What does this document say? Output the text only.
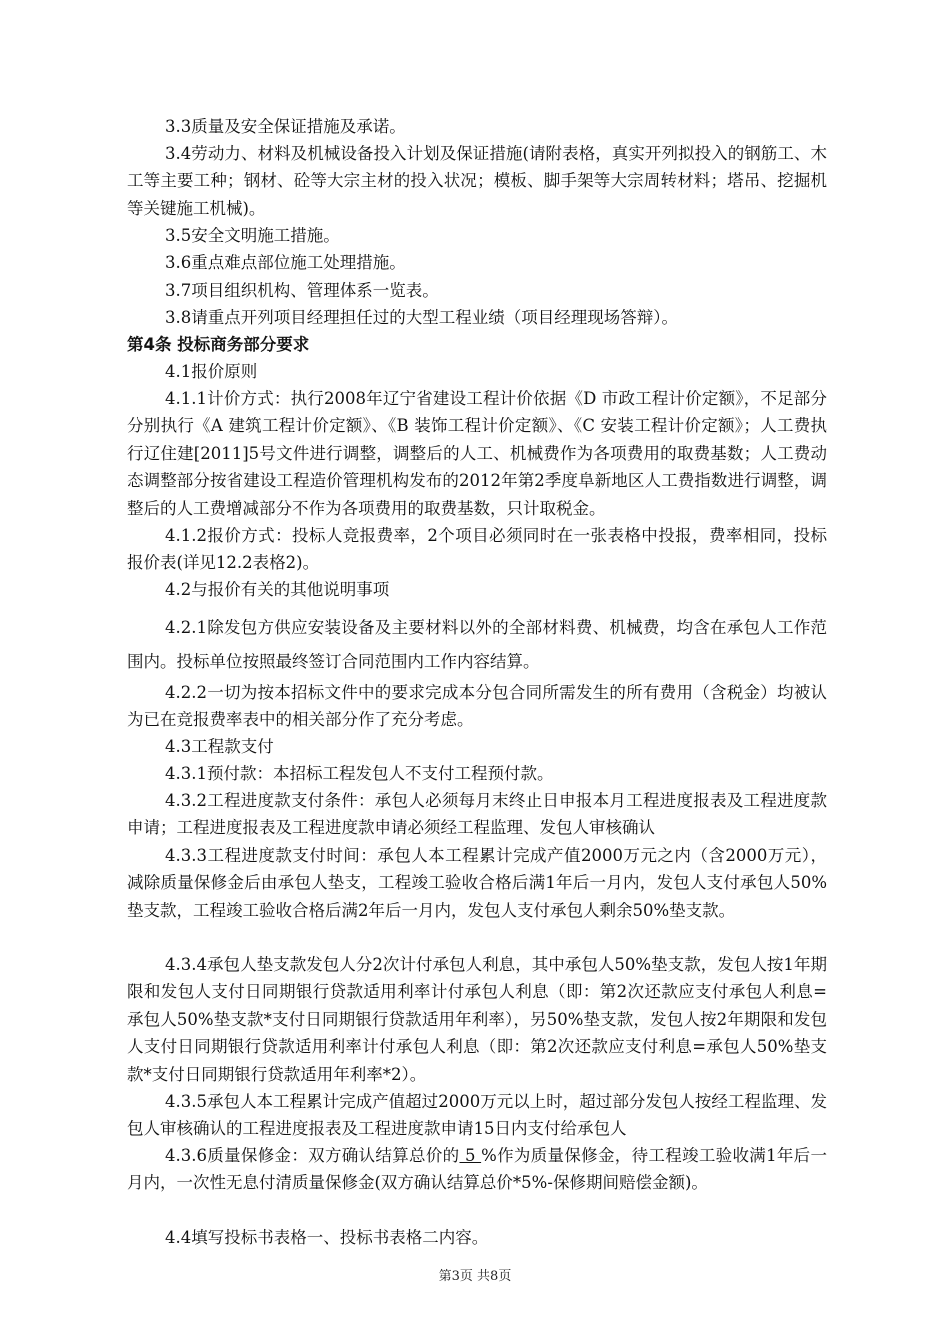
3.3质量及安全保证措施及承诺。
3.4劳动力、材料及机械设备投入计划及保证措施(请附表格，真实开列拟投入的钢筋工、木工等主要工种；钢材、砼等大宗主材的投入状况；模板、脚手架等大宗周转材料；塔吊、挖掘机等关键施工机械)。
3.5安全文明施工措施。
3.6重点难点部位施工处理措施。
3.7项目组织机构、管理体系一览表。
3.8请重点开列项目经理担任过的大型工程业绩（项目经理现场答辩）。
第4条 投标商务部分要求
4.1报价原则
4.1.1计价方式：执行2008年辽宁省建设工程计价依据《D 市政工程计价定额》，不足部分分别执行《A 建筑工程计价定额》、《B 装饰工程计价定额》、《C 安装工程计价定额》；人工费执行辽住建[2011]5号文件进行调整，调整后的人工、机械费作为各项费用的取费基数；人工费动态调整部分按省建设工程造价管理机构发布的2012年第2季度阜新地区人工费指数进行调整，调整后的人工费增减部分不作为各项费用的取费基数，只计取税金。
4.1.2报价方式：投标人竞报费率，2个项目必须同时在一张表格中投报，费率相同，投标报价表(详见12.2表格2)。
4.2与报价有关的其他说明事项
4.2.1除发包方供应安装设备及主要材料以外的全部材料费、机械费，均含在承包人工作范围内。投标单位按照最终签订合同范围内工作内容结算。
4.2.2一切为按本招标文件中的要求完成本分包合同所需发生的所有费用（含税金）均被认为已在竞报费率表中的相关部分作了充分考虑。
4.3工程款支付
4.3.1预付款：本招标工程发包人不支付工程预付款。
4.3.2工程进度款支付条件：承包人必须每月末终止日申报本月工程进度报表及工程进度款申请；工程进度报表及工程进度款申请必须经工程监理、发包人审核确认
4.3.3工程进度款支付时间：承包人本工程累计完成产值2000万元之内（含2000万元），减除质量保修金后由承包人垫支，工程竣工验收合格后满1年后一月内，发包人支付承包人50%垫支款，工程竣工验收合格后满2年后一月内，发包人支付承包人剩余50%垫支款。
4.3.4承包人垫支款发包人分2次计付承包人利息，其中承包人50%垫支款，发包人按1年期限和发包人支付日同期银行贷款适用利率计付承包人利息（即：第2次还款应支付承包人利息=承包人50%垫支款*支付日同期银行贷款适用年利率），另50%垫支款，发包人按2年期限和发包人支付日同期银行贷款适用利率计付承包人利息（即：第2次还款应支付利息=承包人50%垫支款*支付日同期银行贷款适用年利率*2）。
4.3.5承包人本工程累计完成产值超过2000万元以上时，超过部分发包人按经工程监理、发包人审核确认的工程进度报表及工程进度款申请15日内支付给承包人
4.3.6质量保修金：双方确认结算总价的 5 %作为质量保修金，待工程竣工验收满1年后一月内，一次性无息付清质量保修金(双方确认结算总价*5%-保修期间赔偿金额)。
4.4填写投标书表格一、投标书表格二内容。
第3页 共8页
